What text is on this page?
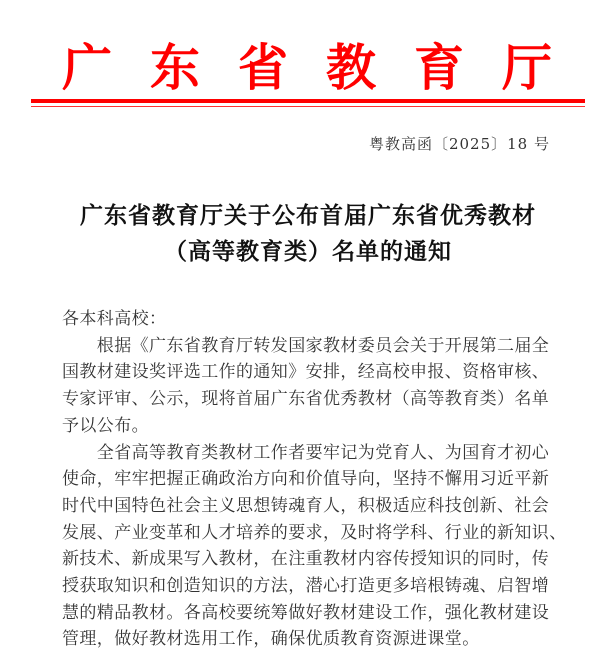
广 东 省 教 育 厅
粤教高函〔2025〕18 号
广东省教育厅关于公布首届广东省优秀教材
（高等教育类）名单的通知
各本科高校：
　　根据《广东省教育厅转发国家教材委员会关于开展第二届全
国教材建设奖评选工作的通知》安排，经高校申报、资格审核、
专家评审、公示，现将首届广东省优秀教材（高等教育类）名单
予以公布。
　　全省高等教育类教材工作者要牢记为党育人、为国育才初心
使命，牢牢把握正确政治方向和价值导向，坚持不懈用习近平新
时代中国特色社会主义思想铸魂育人，积极适应科技创新、社会
发展、产业变革和人才培养的要求，及时将学科、行业的新知识、
新技术、新成果写入教材，在注重教材内容传授知识的同时，传
授获取知识和创造知识的方法，潜心打造更多培根铸魂、启智增
慧的精品教材。各高校要统筹做好教材建设工作，强化教材建设
管理，做好教材选用工作，确保优质教育资源进课堂。
